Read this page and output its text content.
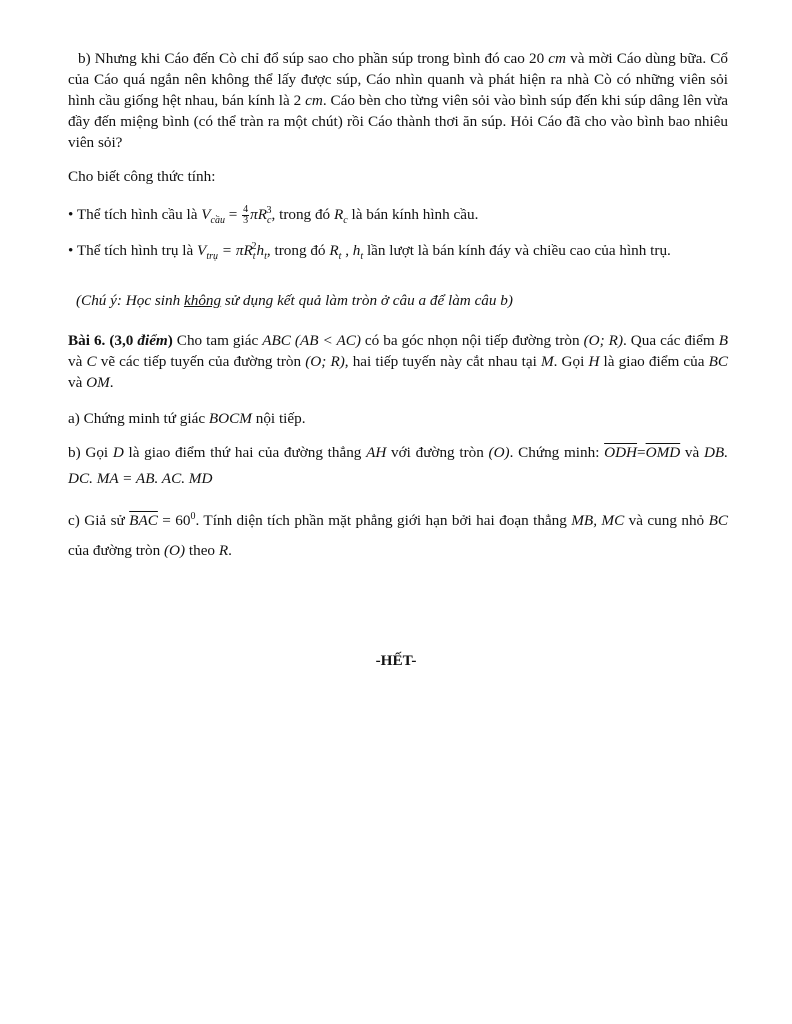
b) Nhưng khi Cáo đến Cò chỉ đổ súp sao cho phần súp trong bình đó cao 20 cm và mời Cáo dùng bữa. Cổ của Cáo quá ngắn nên không thể lấy được súp, Cáo nhìn quanh và phát hiện ra nhà Cò có những viên sỏi hình cầu giống hệt nhau, bán kính là 2 cm. Cáo bèn cho từng viên sỏi vào bình súp đến khi súp dâng lên vừa đầy đến miệng bình (có thể tràn ra một chút) rồi Cáo thành thơi ăn súp. Hỏi Cáo đã cho vào bình bao nhiêu viên sỏi?

Cho biết công thức tính:

• Thể tích hình cầu là $V_{cầu} = \frac{4}{3} \pi R_c^3$, trong đó $R_c$ là bán kính hình cầu.

• Thể tích hình trụ là $V_{trụ} = \pi R_t^2h_t$, trong đó $R_t$ , $h_t$ lần lượt là bán kính đáy và chiều cao của hình trụ.

(Chú ý: Học sinh không sử dụng kết quả làm tròn ở câu a để làm câu b)

Bài 6. (3,0 điểm) Cho tam giác ABC (AB < AC) có ba góc nhọn nội tiếp đường tròn (O; R). Qua các điểm B và C vẽ các tiếp tuyến của đường tròn (O; R), hai tiếp tuyến này cắt nhau tại M. Gọi H là giao điểm của BC và OM.

a) Chứng minh tứ giác BOCM nội tiếp.

b) Gọi D là giao điểm thứ hai của đường thẳng AH với đường tròn (O). Chứng minh: $\overline{ODH}=\overline{OMD}$ và DB. DC. MA = AB. AC. MD

c) Giả sử $\overline{BAC} = 60^0$. Tính diện tích phần mặt phẳng giới hạn bởi hai đoạn thẳng MB, MC và cung nhỏ BC của đường tròn (O) theo R.

-HẾT-
